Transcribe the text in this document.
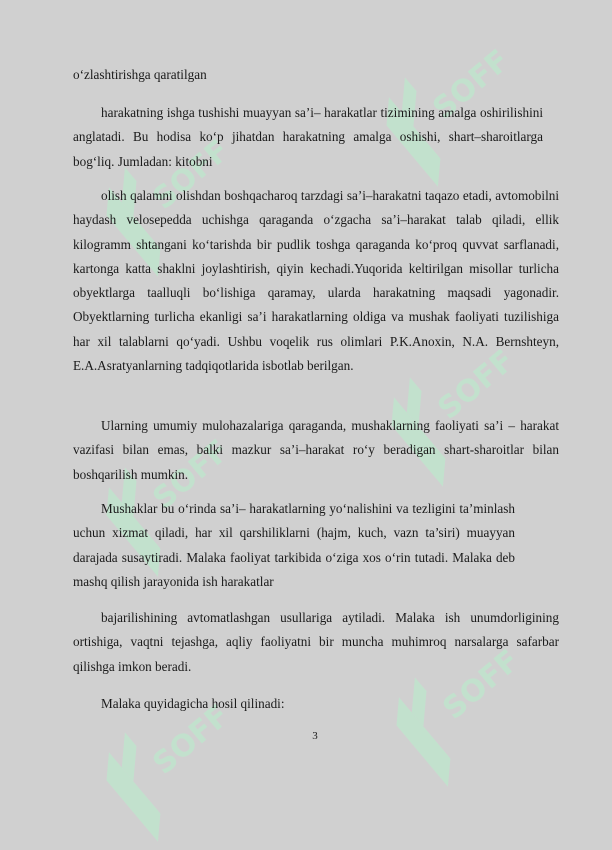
SOFF
SOFF
SOFF
SOFF
SOFF
SOFF

o‘zlashtirishga qaratilgan

harakatning ishga tushishi muayyan sa’i– harakatlar tizimining amalga oshirilishini anglatadi. Bu hodisa ko‘p jihatdan harakatning amalga oshishi, shart–sharoitlarga bog‘liq. Jumladan: kitobni

olish qalamni olishdan boshqacharoq tarzdagi sa’i–harakatni taqazo etadi, avtomobilni haydash velosepedda uchishga qaraganda o‘zgacha sa’i–harakat talab qiladi, ellik kilogramm shtangani ko‘tarishda bir pudlik toshga qaraganda ko‘proq quvvat sarflanadi, kartonga katta shaklni joylashtirish, qiyin kechadi.Yuqorida keltirilgan misollar turlicha obyektlarga taalluqli bo‘lishiga qaramay, ularda harakatning maqsadi yagonadir. Obyektlarning turlicha ekanligi sa’i harakatlarning oldiga va mushak faoliyati tuzilishiga har xil talablarni qo‘yadi. Ushbu voqelik rus olimlari P.K.Anoxin, N.A. Bernshteyn, E.A.Asratyanlarning tadqiqotlarida isbotlab berilgan.

Ularning umumiy mulohazalariga qaraganda, mushaklarning faoliyati sa’i – harakat vazifasi bilan emas, balki mazkur sa’i–harakat ro‘y beradigan shart-sharoitlar bilan boshqarilish mumkin.

Mushaklar bu o‘rinda sa’i– harakatlarning yo‘nalishini va tezligini ta’minlash uchun xizmat qiladi, har xil qarshiliklarni (hajm, kuch, vazn ta’siri) muayyan darajada susaytiradi. Malaka faoliyat tarkibida o‘ziga xos o‘rin tutadi. Malaka deb mashq qilish jarayonida ish harakatlar

bajarilishining avtomatlashgan usullariga aytiladi. Malaka ish unumdorligining ortishiga, vaqtni tejashga, aqliy faoliyatni bir muncha muhimroq narsalarga safarbar qilishga imkon beradi.

Malaka quyidagicha hosil qilinadi:

3
